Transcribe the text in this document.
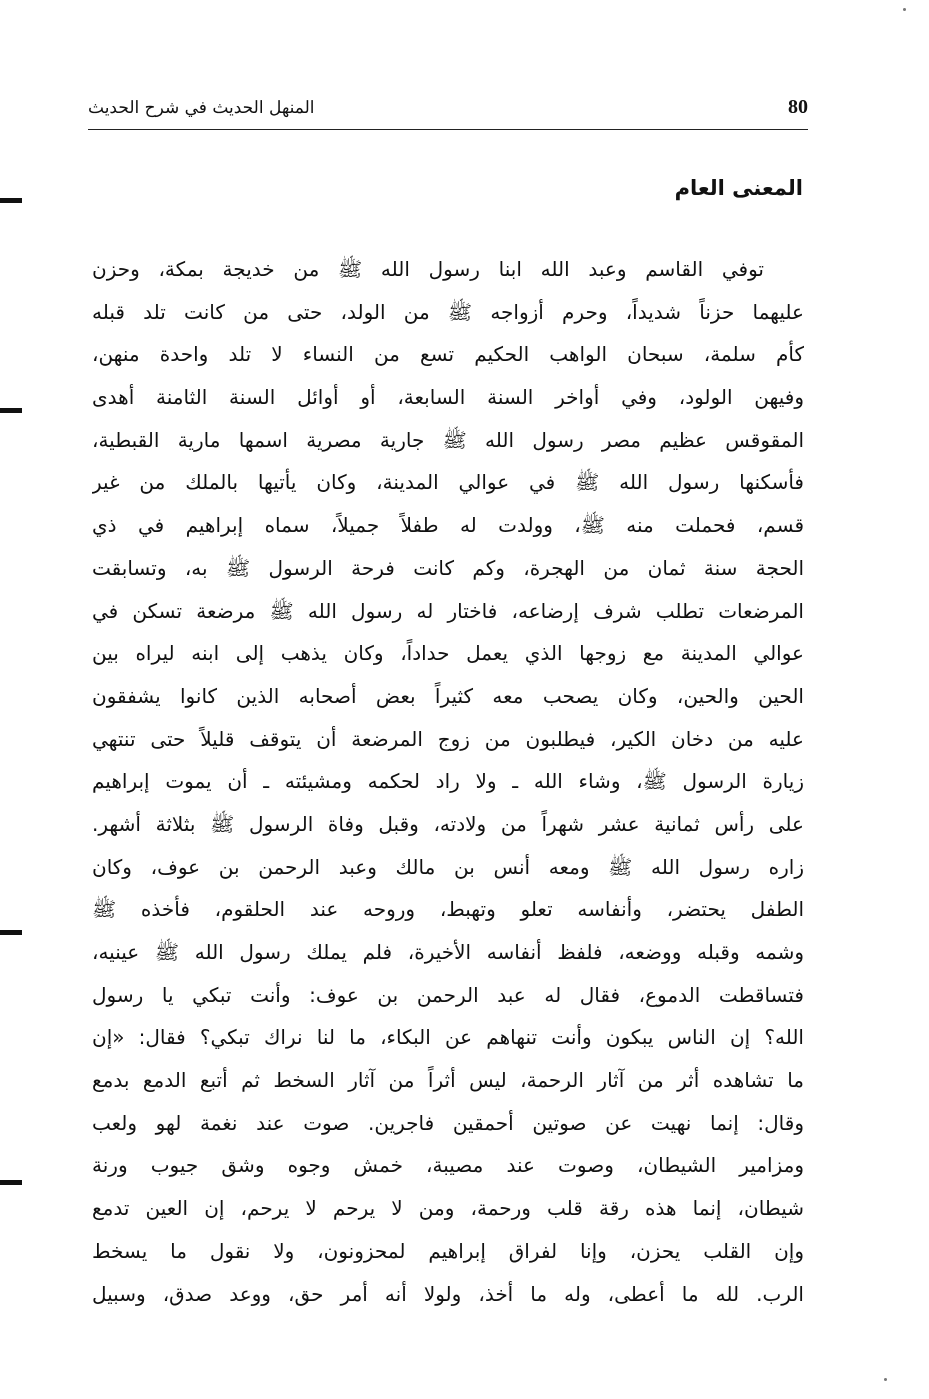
80
المنهل الحديث في شرح الحديث
المعنى العام
توفي القاسم وعبد الله ابنا رسول الله ﷺ من خديجة بمكة، وحزن
عليهما حزناً شديداً، وحرم أزواجه ﷺ من الولد، حتى من كانت تلد قبله
كأم سلمة، سبحان الواهب الحكيم تسع من النساء لا تلد واحدة منهن،
وفيهن الولود، وفي أواخر السنة السابعة، أو أوائل السنة الثامنة أهدى
المقوقس عظيم مصر رسول الله ﷺ جارية مصرية اسمها مارية القبطية،
فأسكنها رسول الله ﷺ في عوالي المدينة، وكان يأتيها بالملك من غير
قسم، فحملت منه ﷺ، وولدت له طفلاً جميلاً، سماه إبراهيم في ذي
الحجة سنة ثمان من الهجرة، وكم كانت فرحة الرسول ﷺ به، وتسابقت
المرضعات تطلب شرف إرضاعه، فاختار له رسول الله ﷺ مرضعة تسكن في
عوالي المدينة مع زوجها الذي يعمل حداداً، وكان يذهب إلى ابنه ليراه بين
الحين والحين، وكان يصحب معه كثيراً بعض أصحابه الذين كانوا يشفقون
عليه من دخان الكير، فيطلبون من زوج المرضعة أن يتوقف قليلاً حتى تنتهي
زيارة الرسول ﷺ، وشاء الله ـ ولا راد لحكمه ومشيئته ـ أن يموت إبراهيم
على رأس ثمانية عشر شهراً من ولادته، وقبل وفاة الرسول ﷺ بثلاثة أشهر.
زاره رسول الله ﷺ ومعه أنس بن مالك وعبد الرحمن بن عوف، وكان
الطفل يحتضر، وأنفاسه تعلو وتهبط، وروحه عند الحلقوم، فأخذه ﷺ
وشمه وقبله ووضعه، فلفظ أنفاسه الأخيرة، فلم يملك رسول الله ﷺ عينيه،
فتساقطت الدموع، فقال له عبد الرحمن بن عوف: وأنت تبكي يا رسول
الله؟ إن الناس يبكون وأنت تنهاهم عن البكاء، ما لنا نراك تبكي؟ فقال: «إن
ما تشاهده أثر من آثار الرحمة، ليس أثراً من آثار السخط ثم أتبع الدمع بدمع
وقال: إنما نهيت عن صوتين أحمقين فاجرين. صوت عند نغمة لهو ولعب
ومزامير الشيطان، وصوت عند مصيبة، خمش وجوه وشق جيوب ورنة
شيطان، إنما هذه رقة قلب ورحمة، ومن لا يرحم لا يرحم، إن العين تدمع
وإن القلب يحزن، وإنا لفراق إبراهيم لمحزونون، ولا نقول ما يسخط
الرب. لله ما أعطى، وله ما أخذ، ولولا أنه أمر حق، ووعد صدق، وسبيل
